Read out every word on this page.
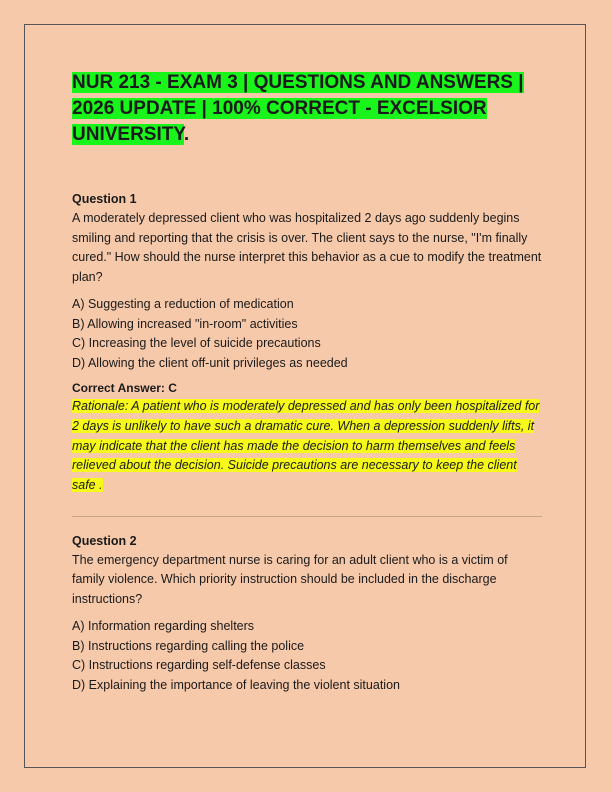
NUR 213 - EXAM 3 | QUESTIONS AND ANSWERS | 2026 UPDATE | 100% CORRECT - EXCELSIOR UNIVERSITY.

Question 1

A moderately depressed client who was hospitalized 2 days ago suddenly begins smiling and reporting that the crisis is over. The client says to the nurse, "I'm finally cured." How should the nurse interpret this behavior as a cue to modify the treatment plan?

A) Suggesting a reduction of medication
B) Allowing increased "in-room" activities
C) Increasing the level of suicide precautions
D) Allowing the client off-unit privileges as needed

Correct Answer: C

Rationale: A patient who is moderately depressed and has only been hospitalized for 2 days is unlikely to have such a dramatic cure. When a depression suddenly lifts, it may indicate that the client has made the decision to harm themselves and feels relieved about the decision. Suicide precautions are necessary to keep the client safe .

Question 2

The emergency department nurse is caring for an adult client who is a victim of family violence. Which priority instruction should be included in the discharge instructions?

A) Information regarding shelters
B) Instructions regarding calling the police
C) Instructions regarding self-defense classes
D) Explaining the importance of leaving the violent situation
